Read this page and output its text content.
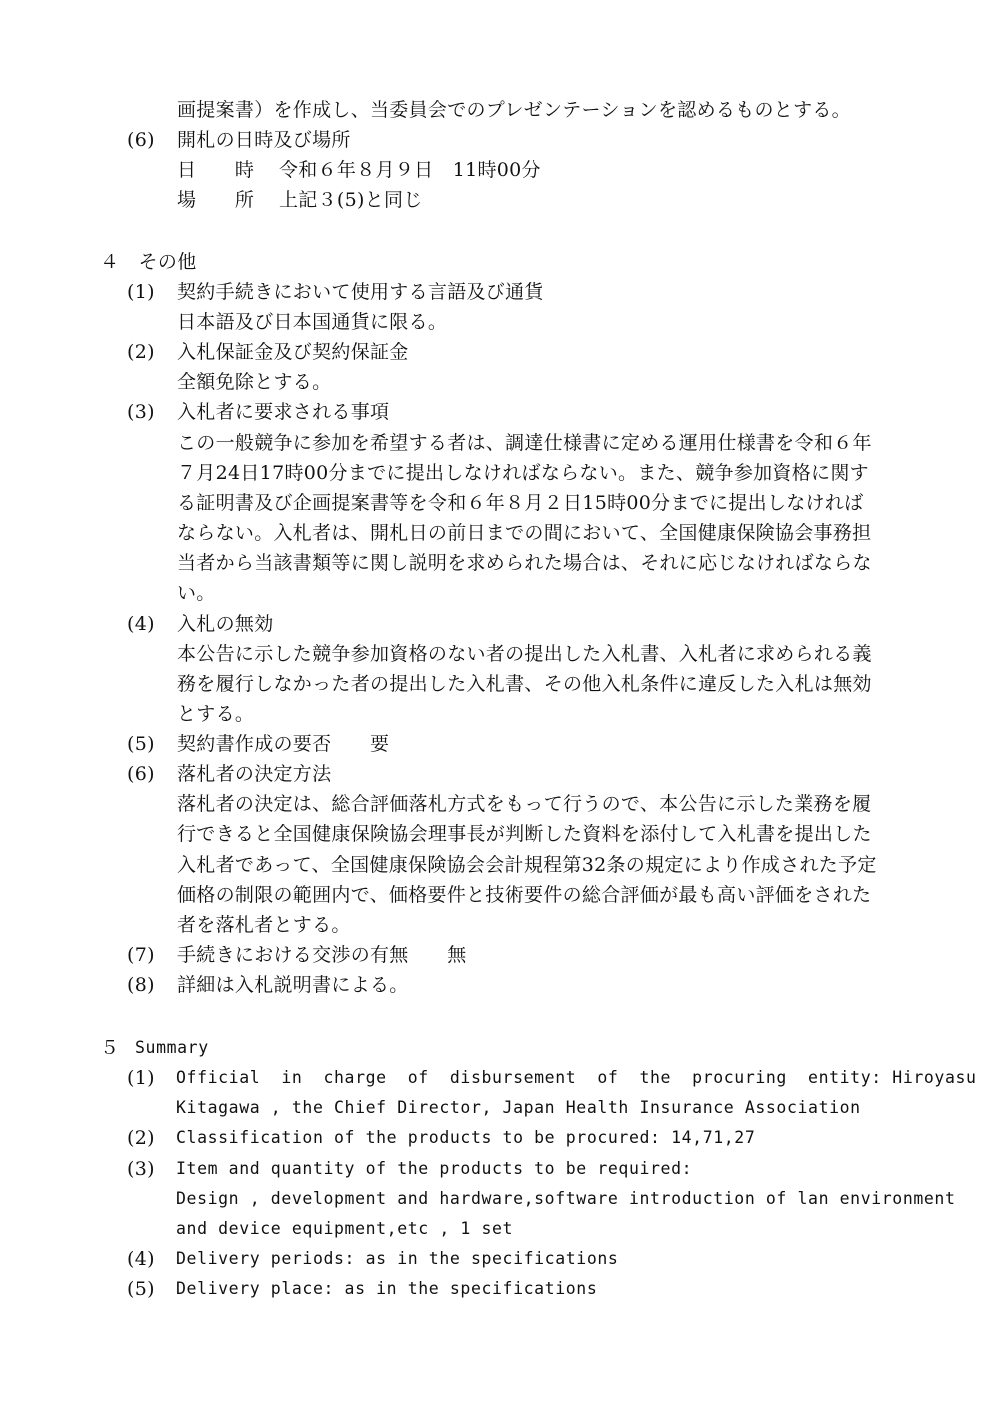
画提案書）を作成し、当委員会でのプレゼンテーションを認めるものとする。
(6) 開札の日時及び場所
日　　時 令和６年８月９日　11時00分
場　　所 上記３(5)と同じ
４　その他
(1) 契約手続きにおいて使用する言語及び通貨
日本語及び日本国通貨に限る。
(2) 入札保証金及び契約保証金
全額免除とする。
(3) 入札者に要求される事項
この一般競争に参加を希望する者は、調達仕様書に定める運用仕様書を令和６年
７月24日17時00分までに提出しなければならない。また、競争参加資格に関す
る証明書及び企画提案書等を令和６年８月２日15時00分までに提出しなければ
ならない。入札者は、開札日の前日までの間において、全国健康保険協会事務担
当者から当該書類等に関し説明を求められた場合は、それに応じなければならな
い。
(4) 入札の無効
本公告に示した競争参加資格のない者の提出した入札書、入札者に求められる義
務を履行しなかった者の提出した入札書、その他入札条件に違反した入札は無効
とする。
(5) 契約書作成の要否　　要
(6) 落札者の決定方法
落札者の決定は、総合評価落札方式をもって行うので、本公告に示した業務を履
行できると全国健康保険協会理事長が判断した資料を添付して入札書を提出した
入札者であって、全国健康保険協会会計規程第32条の規定により作成された予定
価格の制限の範囲内で、価格要件と技術要件の総合評価が最も高い評価をされた
者を落札者とする。
(7) 手続きにおける交渉の有無　　無
(8) 詳細は入札説明書による。
５ Summary
(1) Official  in  charge  of  disbursement  of  the  procuring  entity: Hiroyasu
Kitagawa , the Chief Director, Japan Health Insurance Association
(2) Classification of the products to be procured: 14,71,27
(3) Item and quantity of the products to be required:
Design , development and hardware,software introduction of lan environment
and device equipment,etc , 1 set
(4) Delivery periods: as in the specifications
(5) Delivery place: as in the specifications
